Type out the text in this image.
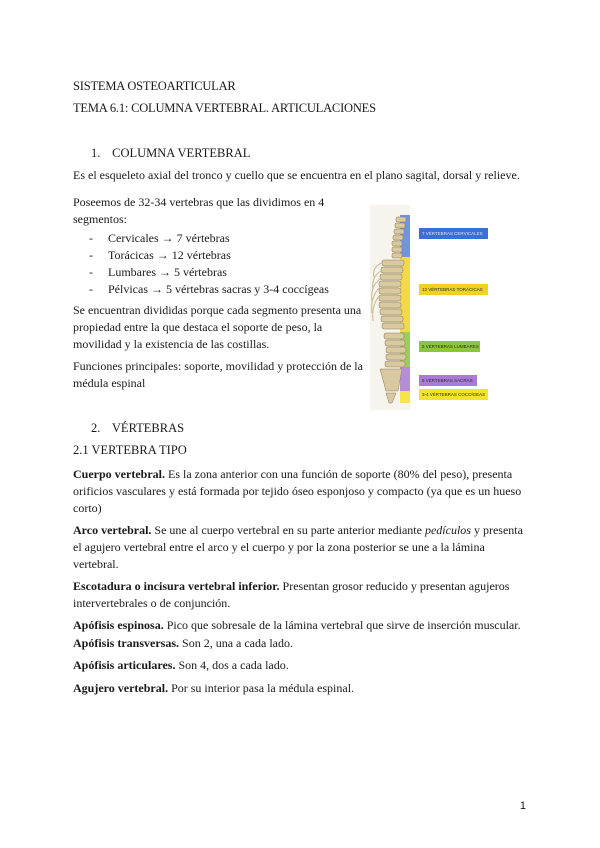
SISTEMA OSTEOARTICULAR
TEMA 6.1: COLUMNA VERTEBRAL. ARTICULACIONES
1. COLUMNA VERTEBRAL
Es el esqueleto axial del tronco y cuello que se encuentra en el plano sagital, dorsal y relieve.
Poseemos de 32-34 vertebras que las dividimos en 4 segmentos:
- Cervicales → 7 vértebras
- Torácicas → 12 vértebras
- Lumbares → 5 vértebras
- Pélvicas → 5 vértebras sacras y 3-4 coccígeas
Se encuentran divididas porque cada segmento presenta una propiedad entre la que destaca el soporte de peso, la movilidad y la existencia de las costillas.
Funciones principales: soporte, movilidad y protección de la médula espinal
7 VÉRTEBRAS CERVICALES
12 VÉRTEBRAS TORÁCICAS
5 VÉRTEBRAS LUMBARES
5 VÉRTEBRAS SACRAS
3-4 VÉRTEBRAS COCCÍGEAS
2. VÉRTEBRAS
2.1 VERTEBRA TIPO
Cuerpo vertebral. Es la zona anterior con una función de soporte (80% del peso), presenta orificios vasculares y está formada por tejido óseo esponjoso y compacto (ya que es un hueso corto)
Arco vertebral. Se une al cuerpo vertebral en su parte anterior mediante pedículos y presenta el agujero vertebral entre el arco y el cuerpo y por la zona posterior se une a la lámina vertebral.
Escotadura o incisura vertebral inferior. Presentan grosor reducido y presentan agujeros intervertebrales o de conjunción.
Apófisis espinosa. Pico que sobresale de la lámina vertebral que sirve de inserción muscular.
Apófisis transversas. Son 2, una a cada lado.
Apófisis articulares. Son 4, dos a cada lado.
Agujero vertebral. Por su interior pasa la médula espinal.
1
